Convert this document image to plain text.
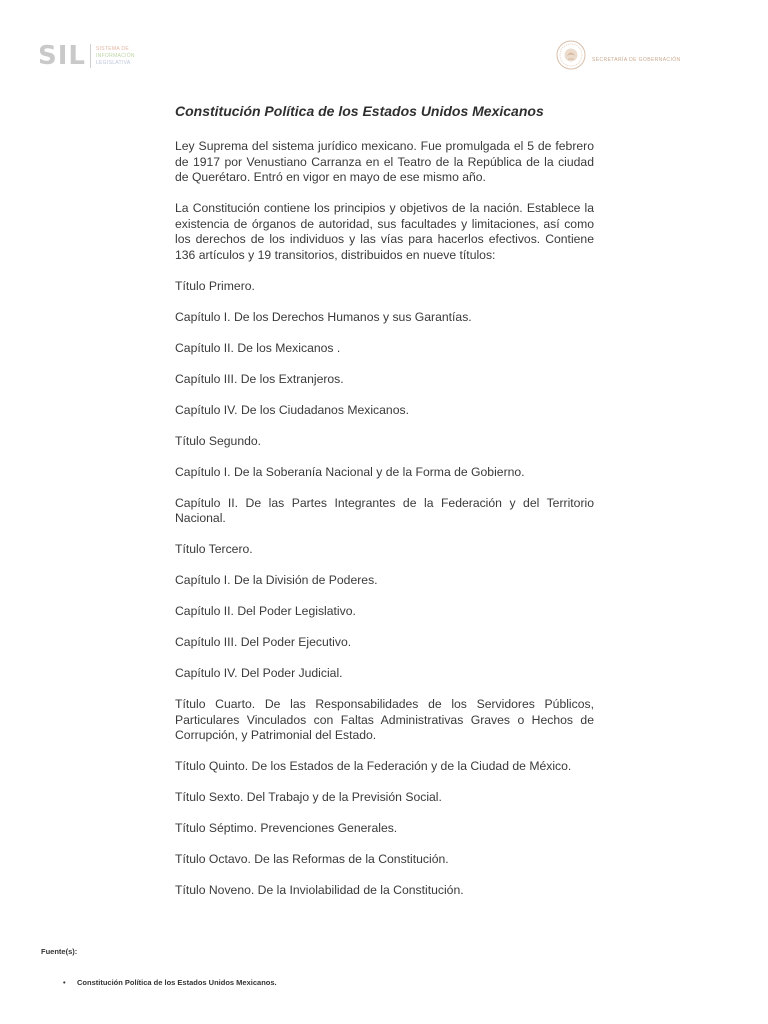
SIL SISTEMA DE
INFORMACIÓN
LEGISLATIVA	SECRETARÍA DE GOBERNACIÓN
Constitución Política de los Estados Unidos Mexicanos

Ley Suprema del sistema jurídico mexicano. Fue promulgada el 5 de febrero de 1917 por Venustiano Carranza en el Teatro de la República de la ciudad de Querétaro. Entró en vigor en mayo de ese mismo año.

La Constitución contiene los principios y objetivos de la nación. Establece la existencia de órganos de autoridad, sus facultades y limitaciones, así como los derechos de los individuos y las vías para hacerlos efectivos. Contiene 136 artículos y 19 transitorios, distribuidos en nueve títulos:

Título Primero.

Capítulo I. De los Derechos Humanos y sus Garantías.

Capítulo II. De los Mexicanos .

Capítulo III. De los Extranjeros.

Capítulo IV. De los Ciudadanos Mexicanos.

Título Segundo.

Capítulo I. De la Soberanía Nacional y de la Forma de Gobierno.

Capítulo II. De las Partes Integrantes de la Federación y del Territorio Nacional.

Título Tercero.

Capítulo I. De la División de Poderes.

Capítulo II. Del Poder Legislativo.

Capítulo III. Del Poder Ejecutivo.

Capítulo IV. Del Poder Judicial.

Título Cuarto. De las Responsabilidades de los Servidores Públicos, Particulares Vinculados con Faltas Administrativas Graves o Hechos de Corrupción, y Patrimonial del Estado.

Título Quinto. De los Estados de la Federación y de la Ciudad de México.

Título Sexto. Del Trabajo y de la Previsión Social.

Título Séptimo. Prevenciones Generales.

Título Octavo. De las Reformas de la Constitución.

Título Noveno. De la Inviolabilidad de la Constitución.

Fuente(s):

• Constitución Política de los Estados Unidos Mexicanos.
